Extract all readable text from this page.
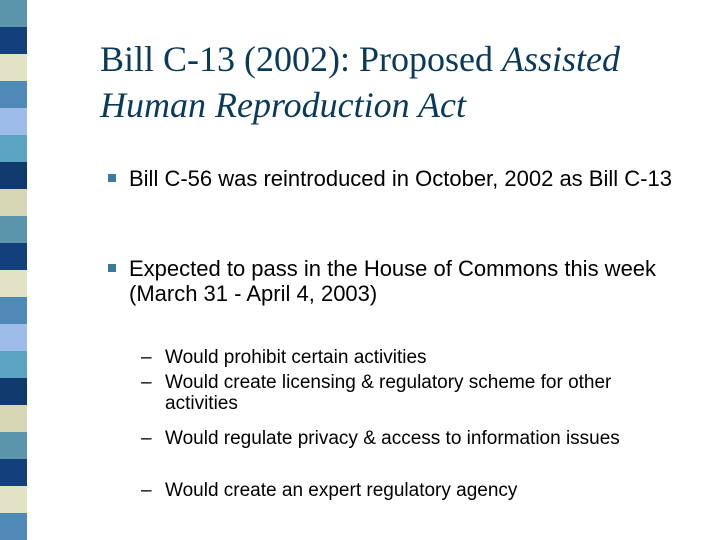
Bill C-13 (2002): Proposed Assisted
Human Reproduction Act
Bill C-56 was reintroduced in October, 2002 as Bill C-13
Expected to pass in the House of Commons this week (March 31 - April 4, 2003)
– Would prohibit certain activities
– Would create licensing & regulatory scheme for other activities
– Would regulate privacy & access to information issues
– Would create an expert regulatory agency
